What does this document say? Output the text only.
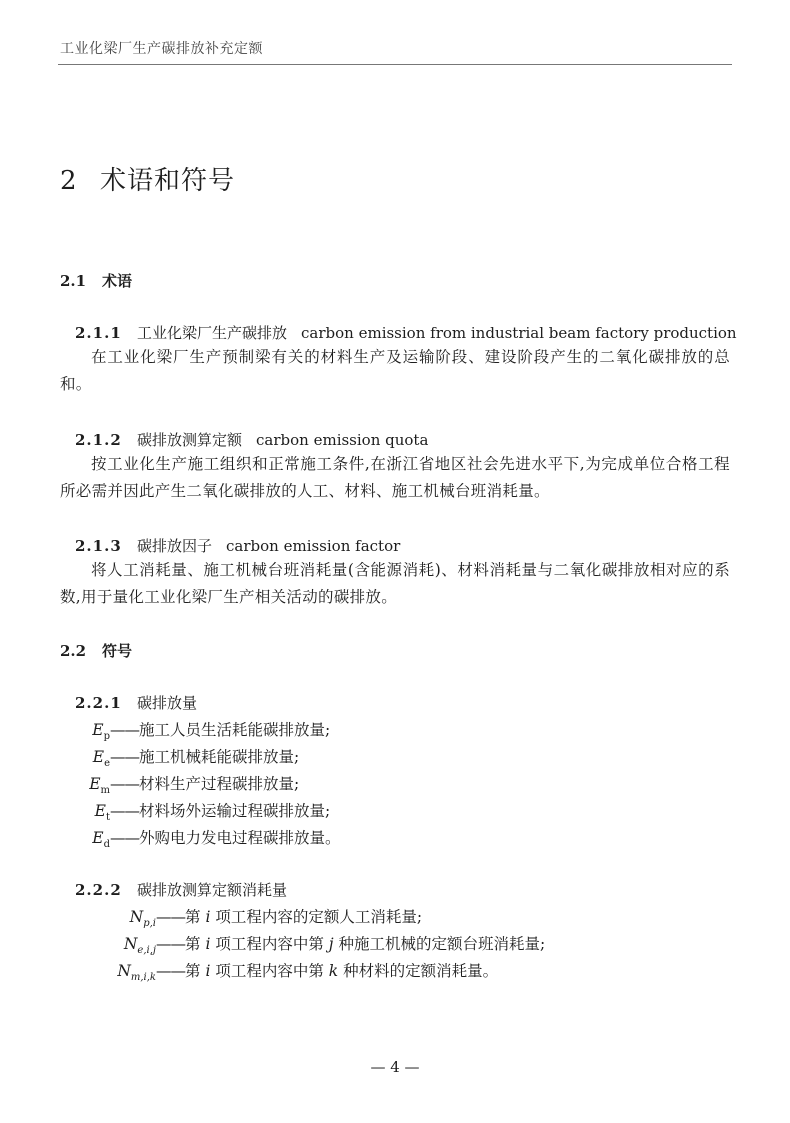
工业化梁厂生产碳排放补充定额
2 术语和符号
2.1 术语
2.1.1 工业化梁厂生产碳排放 carbon emission from industrial beam factory production
在工业化梁厂生产预制梁有关的材料生产及运输阶段、建设阶段产生的二氧化碳排放的总和。
2.1.2 碳排放测算定额 carbon emission quota
按工业化生产施工组织和正常施工条件,在浙江省地区社会先进水平下,为完成单位合格工程所必需并因此产生二氧化碳排放的人工、材料、施工机械台班消耗量。
2.1.3 碳排放因子 carbon emission factor
将人工消耗量、施工机械台班消耗量(含能源消耗)、材料消耗量与二氧化碳排放相对应的系数,用于量化工业化梁厂生产相关活动的碳排放。
2.2 符号
2.2.1 碳排放量
$E_p——$施工人员生活耗能碳排放量;
$E_e——$施工机械耗能碳排放量;
$E_m——$材料生产过程碳排放量;
$E_t——$材料场外运输过程碳排放量;
$E_d——$外购电力发电过程碳排放量。
2.2.2 碳排放测算定额消耗量
$N_{p,i}——$第 i 项工程内容的定额人工消耗量;
$N_{e,i,j}——$第 i 项工程内容中第 j 种施工机械的定额台班消耗量;
$N_{m,i,k}——$第 i 项工程内容中第 k 种材料的定额消耗量。
— 4 —
